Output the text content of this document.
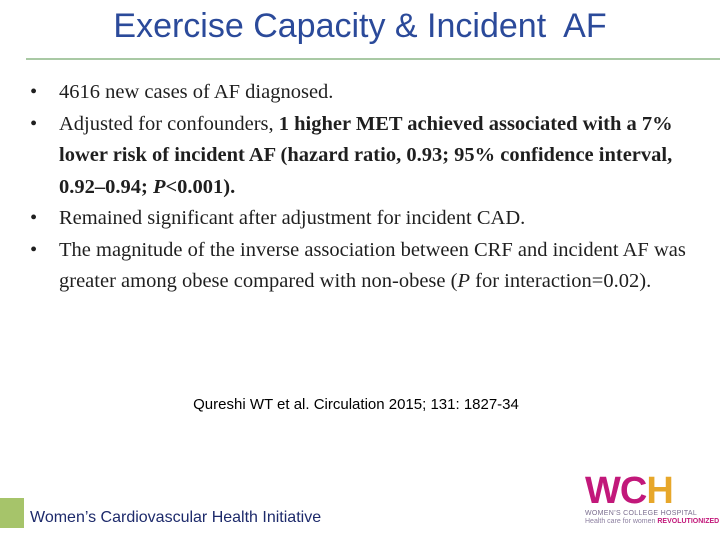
Exercise Capacity & Incident  AF
• 4616 new cases of AF diagnosed.
• Adjusted for confounders, 1 higher MET achieved associated with a 7% lower risk of incident AF (hazard ratio, 0.93; 95% confidence interval, 0.92–0.94; P<0.001).
• Remained significant after adjustment for incident CAD.
• The magnitude of the inverse association between CRF and incident AF was greater among obese compared with non-obese (P for interaction=0.02).
Qureshi WT et al. Circulation 2015; 131: 1827-34
Women’s Cardiovascular Health Initiative
WCH
WOMEN’S COLLEGE HOSPITAL
Health care for women REVOLUTIONIZED
